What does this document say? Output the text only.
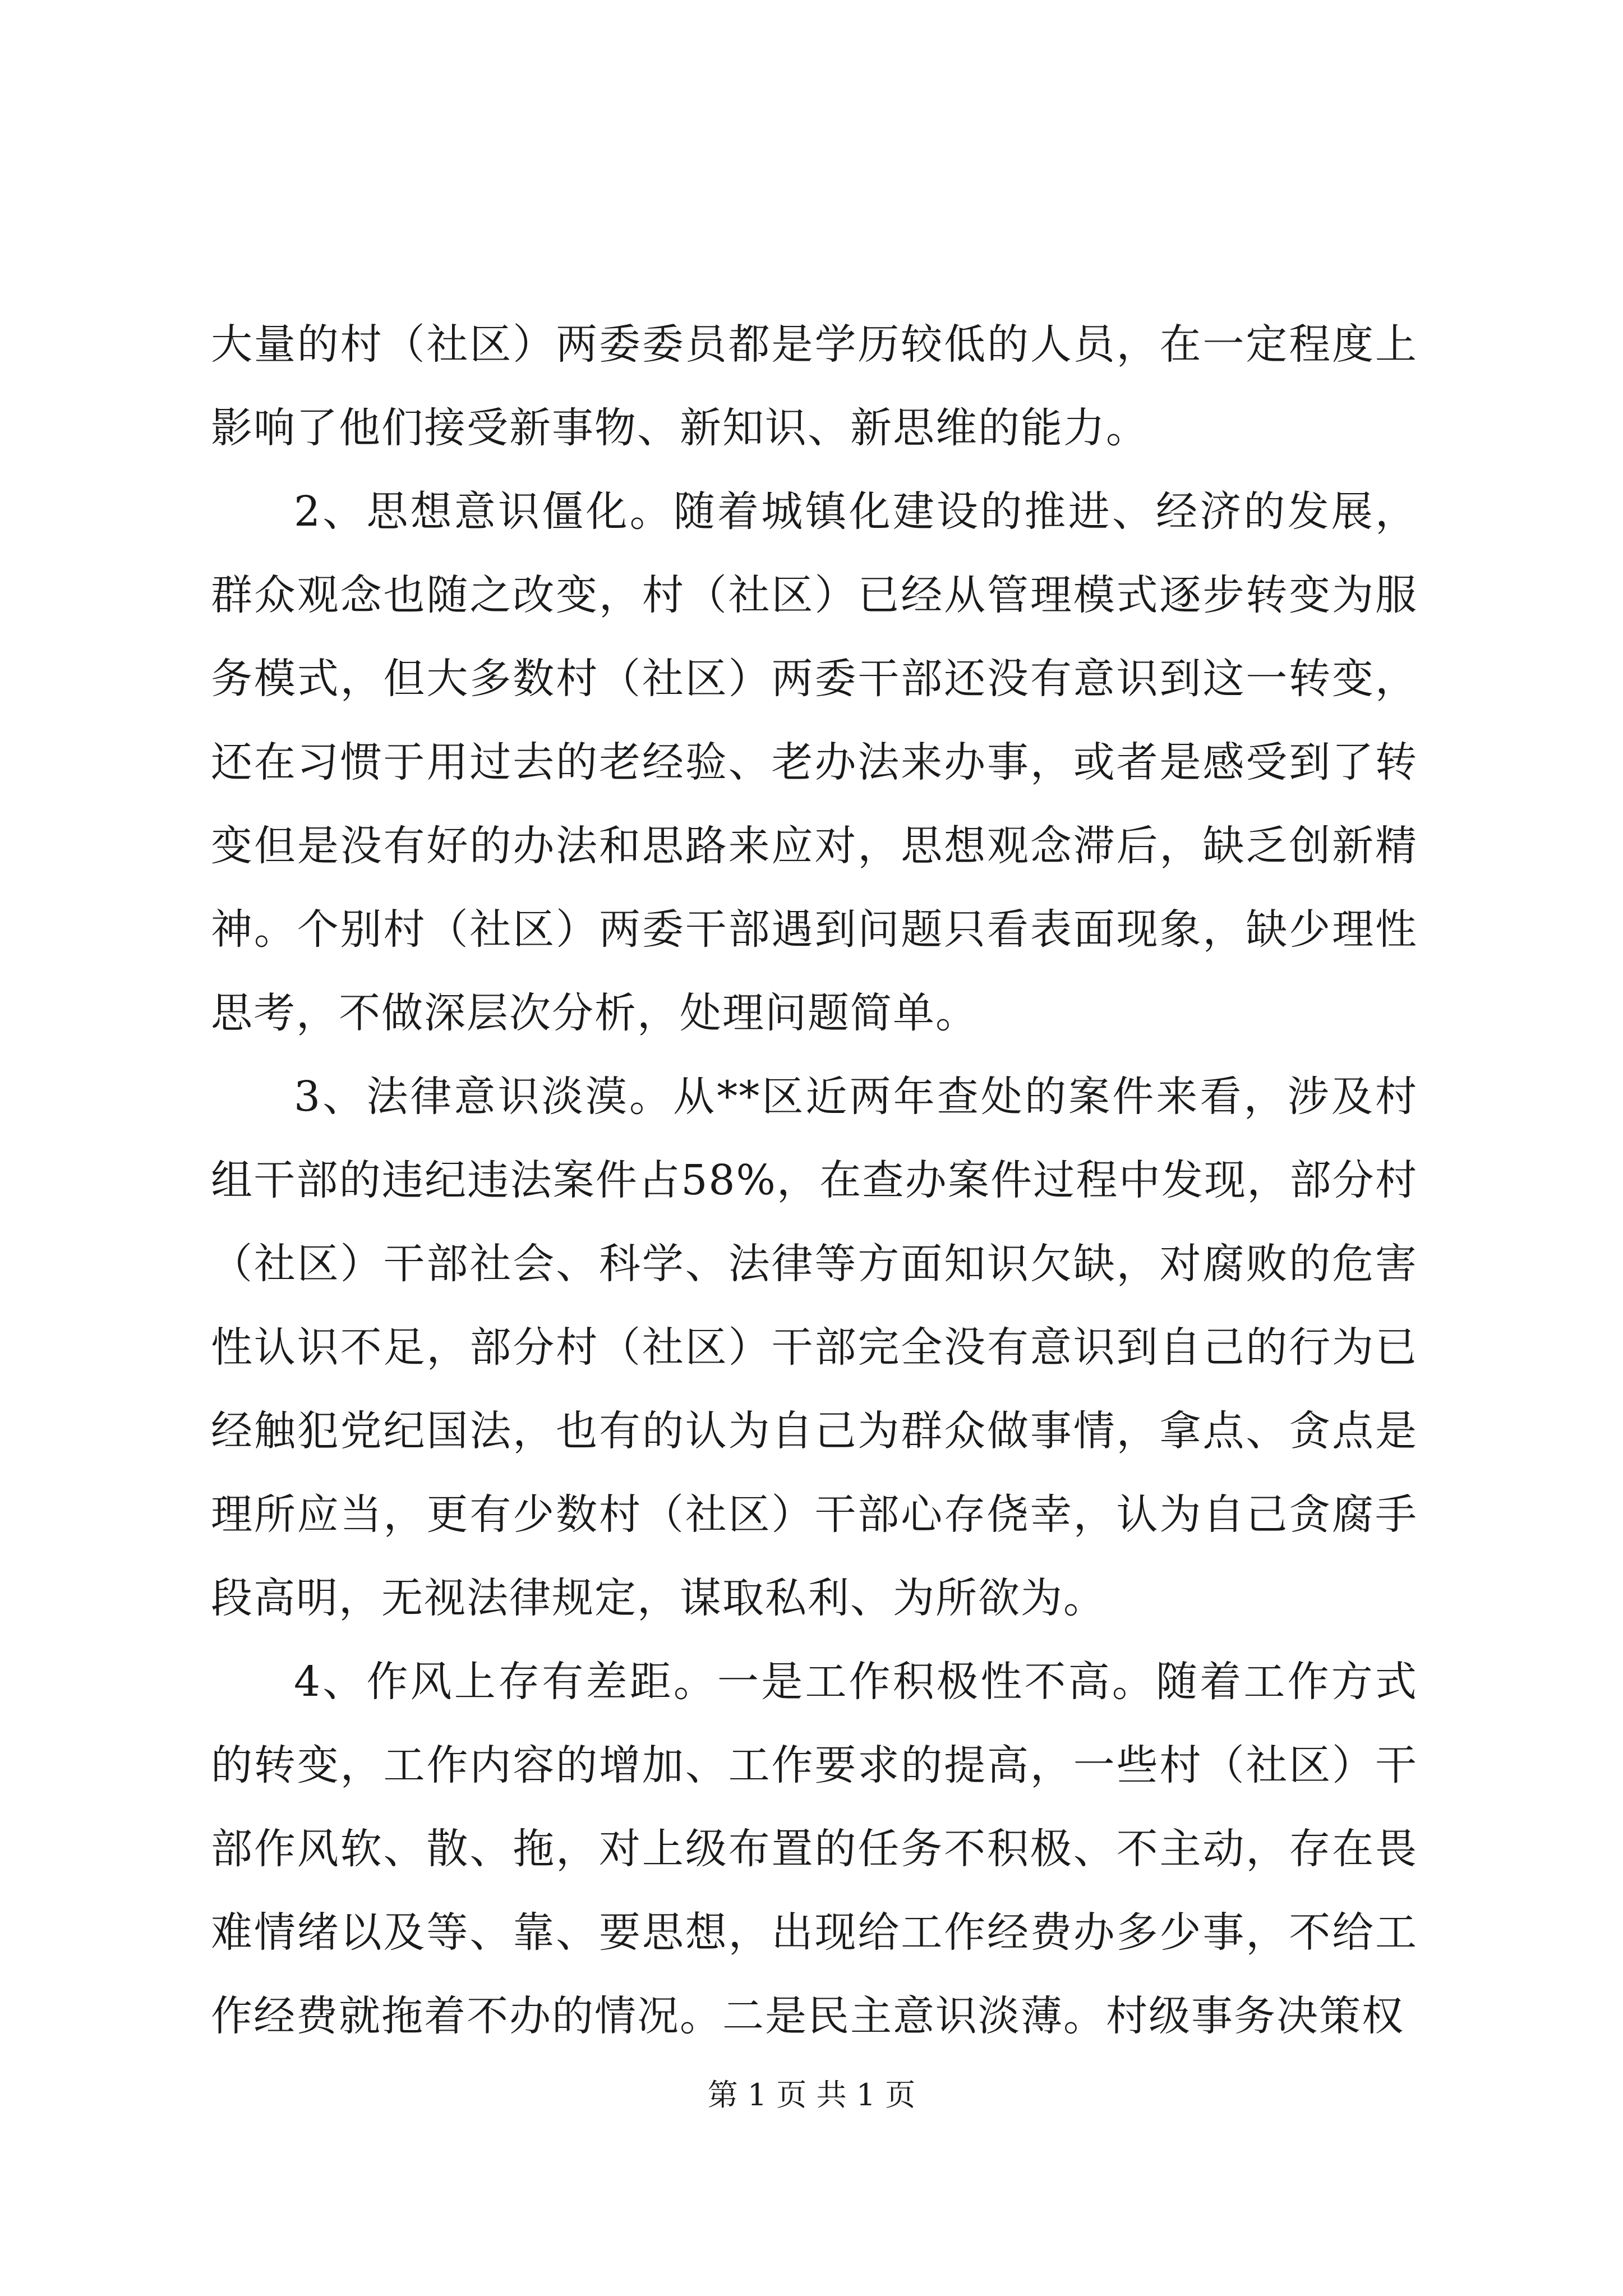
大量的村（社区）两委委员都是学历较低的人员，在一定程度上影响了他们接受新事物、新知识、新思维的能力。

2、思想意识僵化。随着城镇化建设的推进、经济的发展，群众观念也随之改变，村（社区）已经从管理模式逐步转变为服务模式，但大多数村（社区）两委干部还没有意识到这一转变，还在习惯于用过去的老经验、老办法来办事，或者是感受到了转变但是没有好的办法和思路来应对，思想观念滞后，缺乏创新精神。个别村（社区）两委干部遇到问题只看表面现象，缺少理性思考，不做深层次分析，处理问题简单。

3、法律意识淡漠。从**区近两年查处的案件来看，涉及村组干部的违纪违法案件占58%，在查办案件过程中发现，部分村（社区）干部社会、科学、法律等方面知识欠缺，对腐败的危害性认识不足，部分村（社区）干部完全没有意识到自己的行为已经触犯党纪国法，也有的认为自己为群众做事情，拿点、贪点是理所应当，更有少数村（社区）干部心存侥幸，认为自己贪腐手段高明，无视法律规定，谋取私利、为所欲为。

4、作风上存有差距。一是工作积极性不高。随着工作方式的转变，工作内容的增加、工作要求的提高，一些村（社区）干部作风软、散、拖，对上级布置的任务不积极、不主动，存在畏难情绪以及等、靠、要思想，出现给工作经费办多少事，不给工作经费就拖着不办的情况。二是民主意识淡薄。村级事务决策权

第 1 页 共 1 页
